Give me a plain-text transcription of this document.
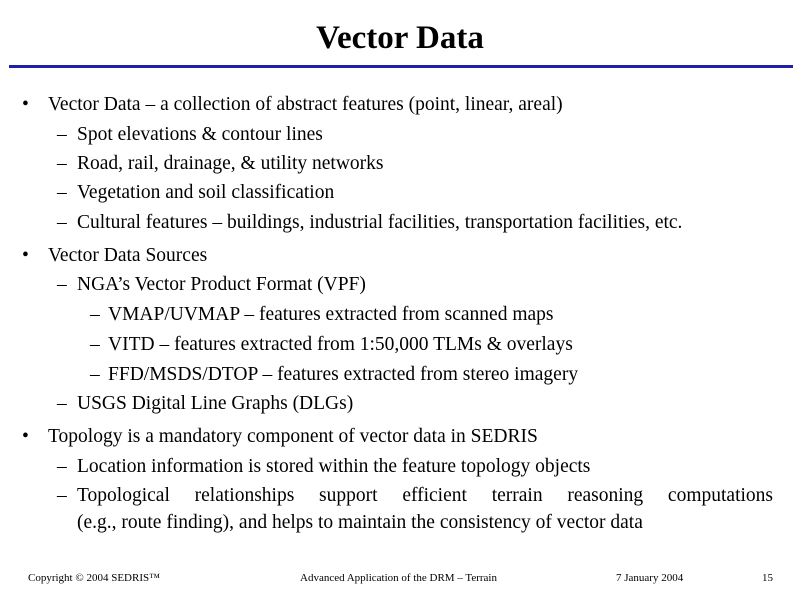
Vector Data
• Vector Data – a collection of abstract features (point, linear, areal)
– Spot elevations & contour lines
– Road, rail, drainage, & utility networks
– Vegetation and soil classification
– Cultural features – buildings, industrial facilities, transportation facilities, etc.
• Vector Data Sources
– NGA’s Vector Product Format (VPF)
– VMAP/UVMAP – features extracted from scanned maps
– VITD – features extracted from 1:50,000 TLMs & overlays
– FFD/MSDS/DTOP – features extracted from stereo imagery
– USGS Digital Line Graphs (DLGs)
• Topology is a mandatory component of vector data in SEDRIS
– Location information is stored within the feature topology objects
– Topological relationships support efficient terrain reasoning computations
(e.g., route finding), and helps to maintain the consistency of vector data
Copyright © 2004 SEDRIS™	Advanced Application of the DRM – Terrain	7 January 2004	15
